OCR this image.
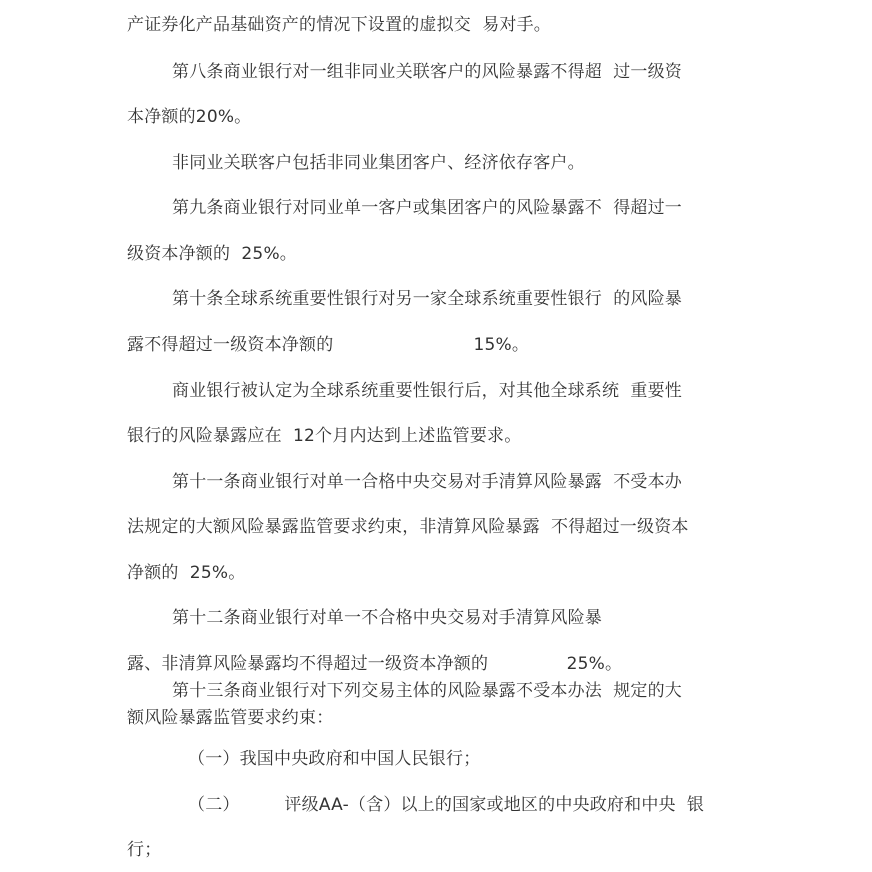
产证券化产品基础资产的情况下设置的虚拟交  易对手。
第八条商业银行对一组非同业关联客户的风险暴露不得超  过一级资
本净额的20%。
非同业关联客户包括非同业集团客户、经济依存客户。
第九条商业银行对同业单一客户或集团客户的风险暴露不  得超过一
级资本净额的  25%。
第十条全球系统重要性银行对另一家全球系统重要性银行  的风险暴
露不得超过一级资本净额的                         15%。
商业银行被认定为全球系统重要性银行后，对其他全球系统  重要性
银行的风险暴露应在  12个月内达到上述监管要求。
第十一条商业银行对单一合格中央交易对手清算风险暴露  不受本办
法规定的大额风险暴露监管要求约束，非清算风险暴露  不得超过一级资本
净额的  25%。
第十二条商业银行对单一不合格中央交易对手清算风险暴
露、非清算风险暴露均不得超过一级资本净额的              25%。
第十三条商业银行对下列交易主体的风险暴露不受本办法  规定的大
额风险暴露监管要求约束：
（一）我国中央政府和中国人民银行；
（二）        评级AA-（含）以上的国家或地区的中央政府和中央  银
行；
